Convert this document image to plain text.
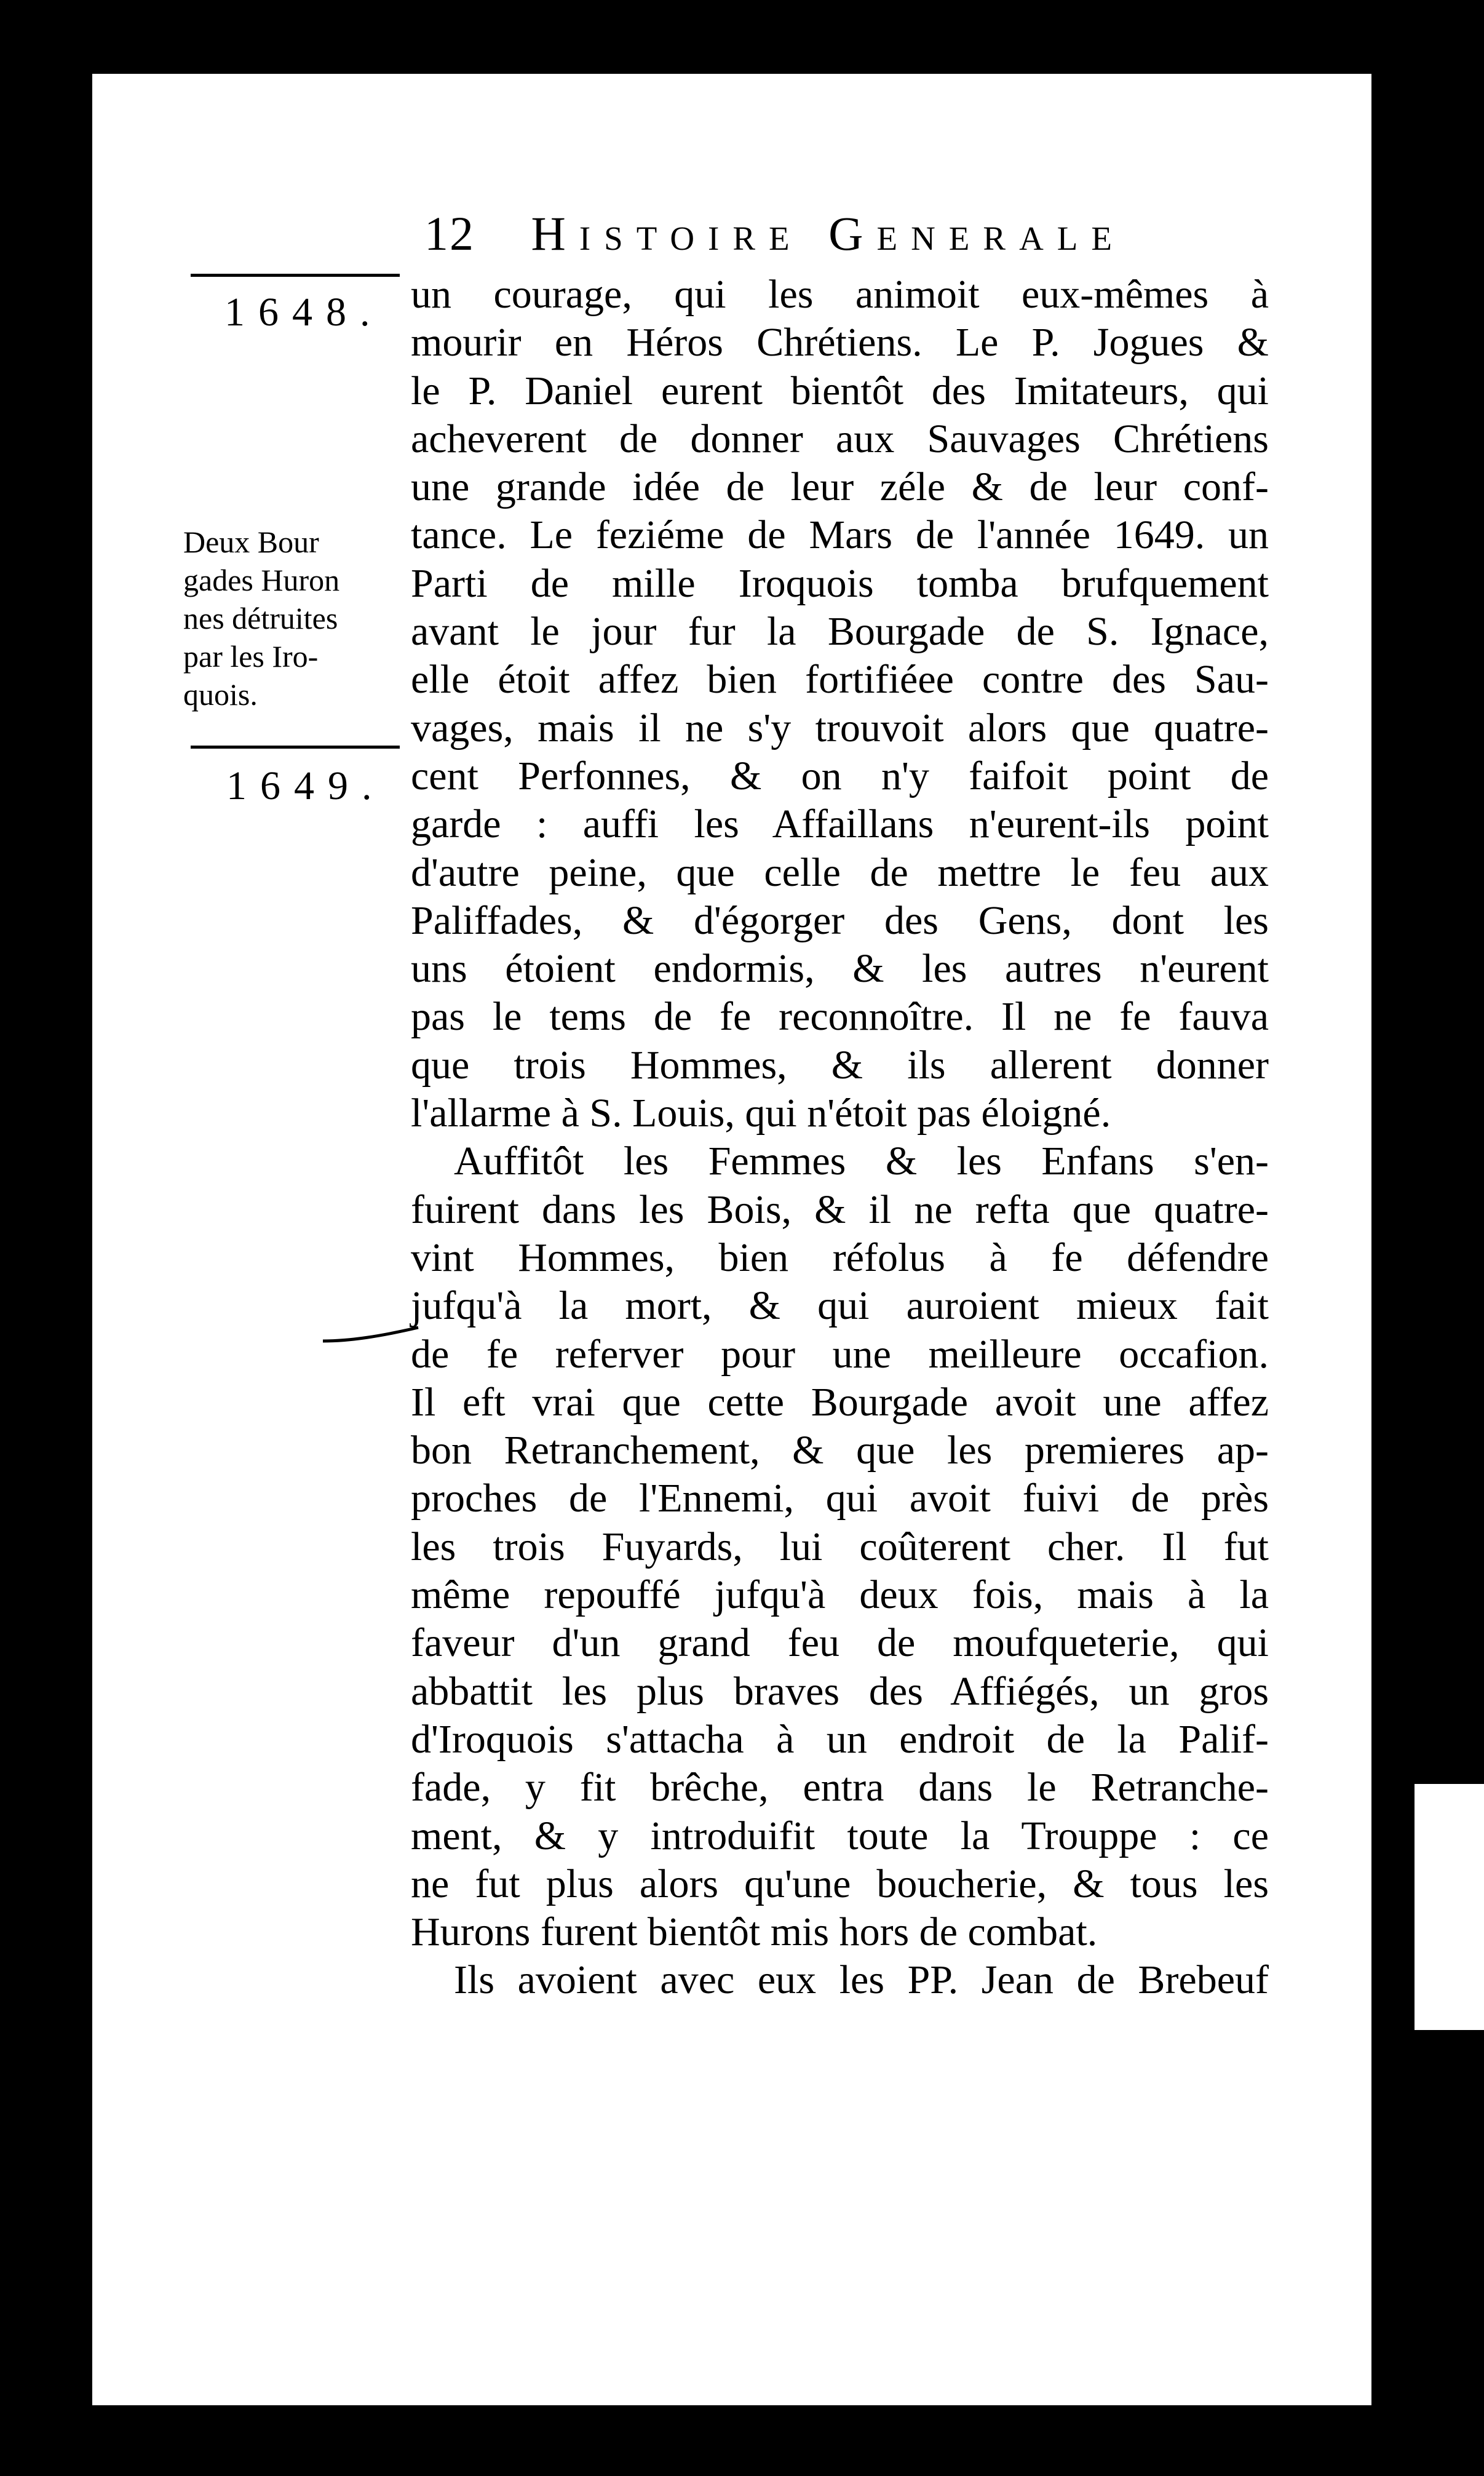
12 Histoire Generale
1648.
Deux Bour
gades Huron
nes détruites
par les Iro-
quois.
1649.
un courage, qui les animoit eux-mêmes à
mourir en Héros Chrétiens. Le P. Jogues &
le P. Daniel eurent bientôt des Imitateurs, qui
acheverent de donner aux Sauvages Chrétiens
une grande idée de leur zéle & de leur conf-
tance. Le feziéme de Mars de l'année 1649. un
Parti de mille Iroquois tomba brufquement
avant le jour fur la Bourgade de S. Ignace,
elle étoit affez bien fortifiéee contre des Sau-
vages, mais il ne s'y trouvoit alors que quatre-
cent Perfonnes, & on n'y faifoit point de
garde : auffi les Affaillans n'eurent-ils point
d'autre peine, que celle de mettre le feu aux
Paliffades, & d'égorger des Gens, dont les
uns étoient endormis, & les autres n'eurent
pas le tems de fe reconnoître. Il ne fe fauva
que trois Hommes, & ils allerent donner
l'allarme à S. Louis, qui n'étoit pas éloigné.
Auffitôt les Femmes & les Enfans s'en-
fuirent dans les Bois, & il ne refta que quatre-
vint Hommes, bien réfolus à fe défendre
jufqu'à la mort, & qui auroient mieux fait
de fe referver pour une meilleure occafion.
Il eft vrai que cette Bourgade avoit une affez
bon Retranchement, & que les premieres ap-
proches de l'Ennemi, qui avoit fuivi de près
les trois Fuyards, lui coûterent cher. Il fut
même repouffé jufqu'à deux fois, mais à la
faveur d'un grand feu de moufqueterie, qui
abbattit les plus braves des Affiégés, un gros
d'Iroquois s'attacha à un endroit de la Palif-
fade, y fit brêche, entra dans le Retranche-
ment, & y introduifit toute la Trouppe : ce
ne fut plus alors qu'une boucherie, & tous les
Hurons furent bientôt mis hors de combat.
Ils avoient avec eux les PP. Jean de Brebeuf
